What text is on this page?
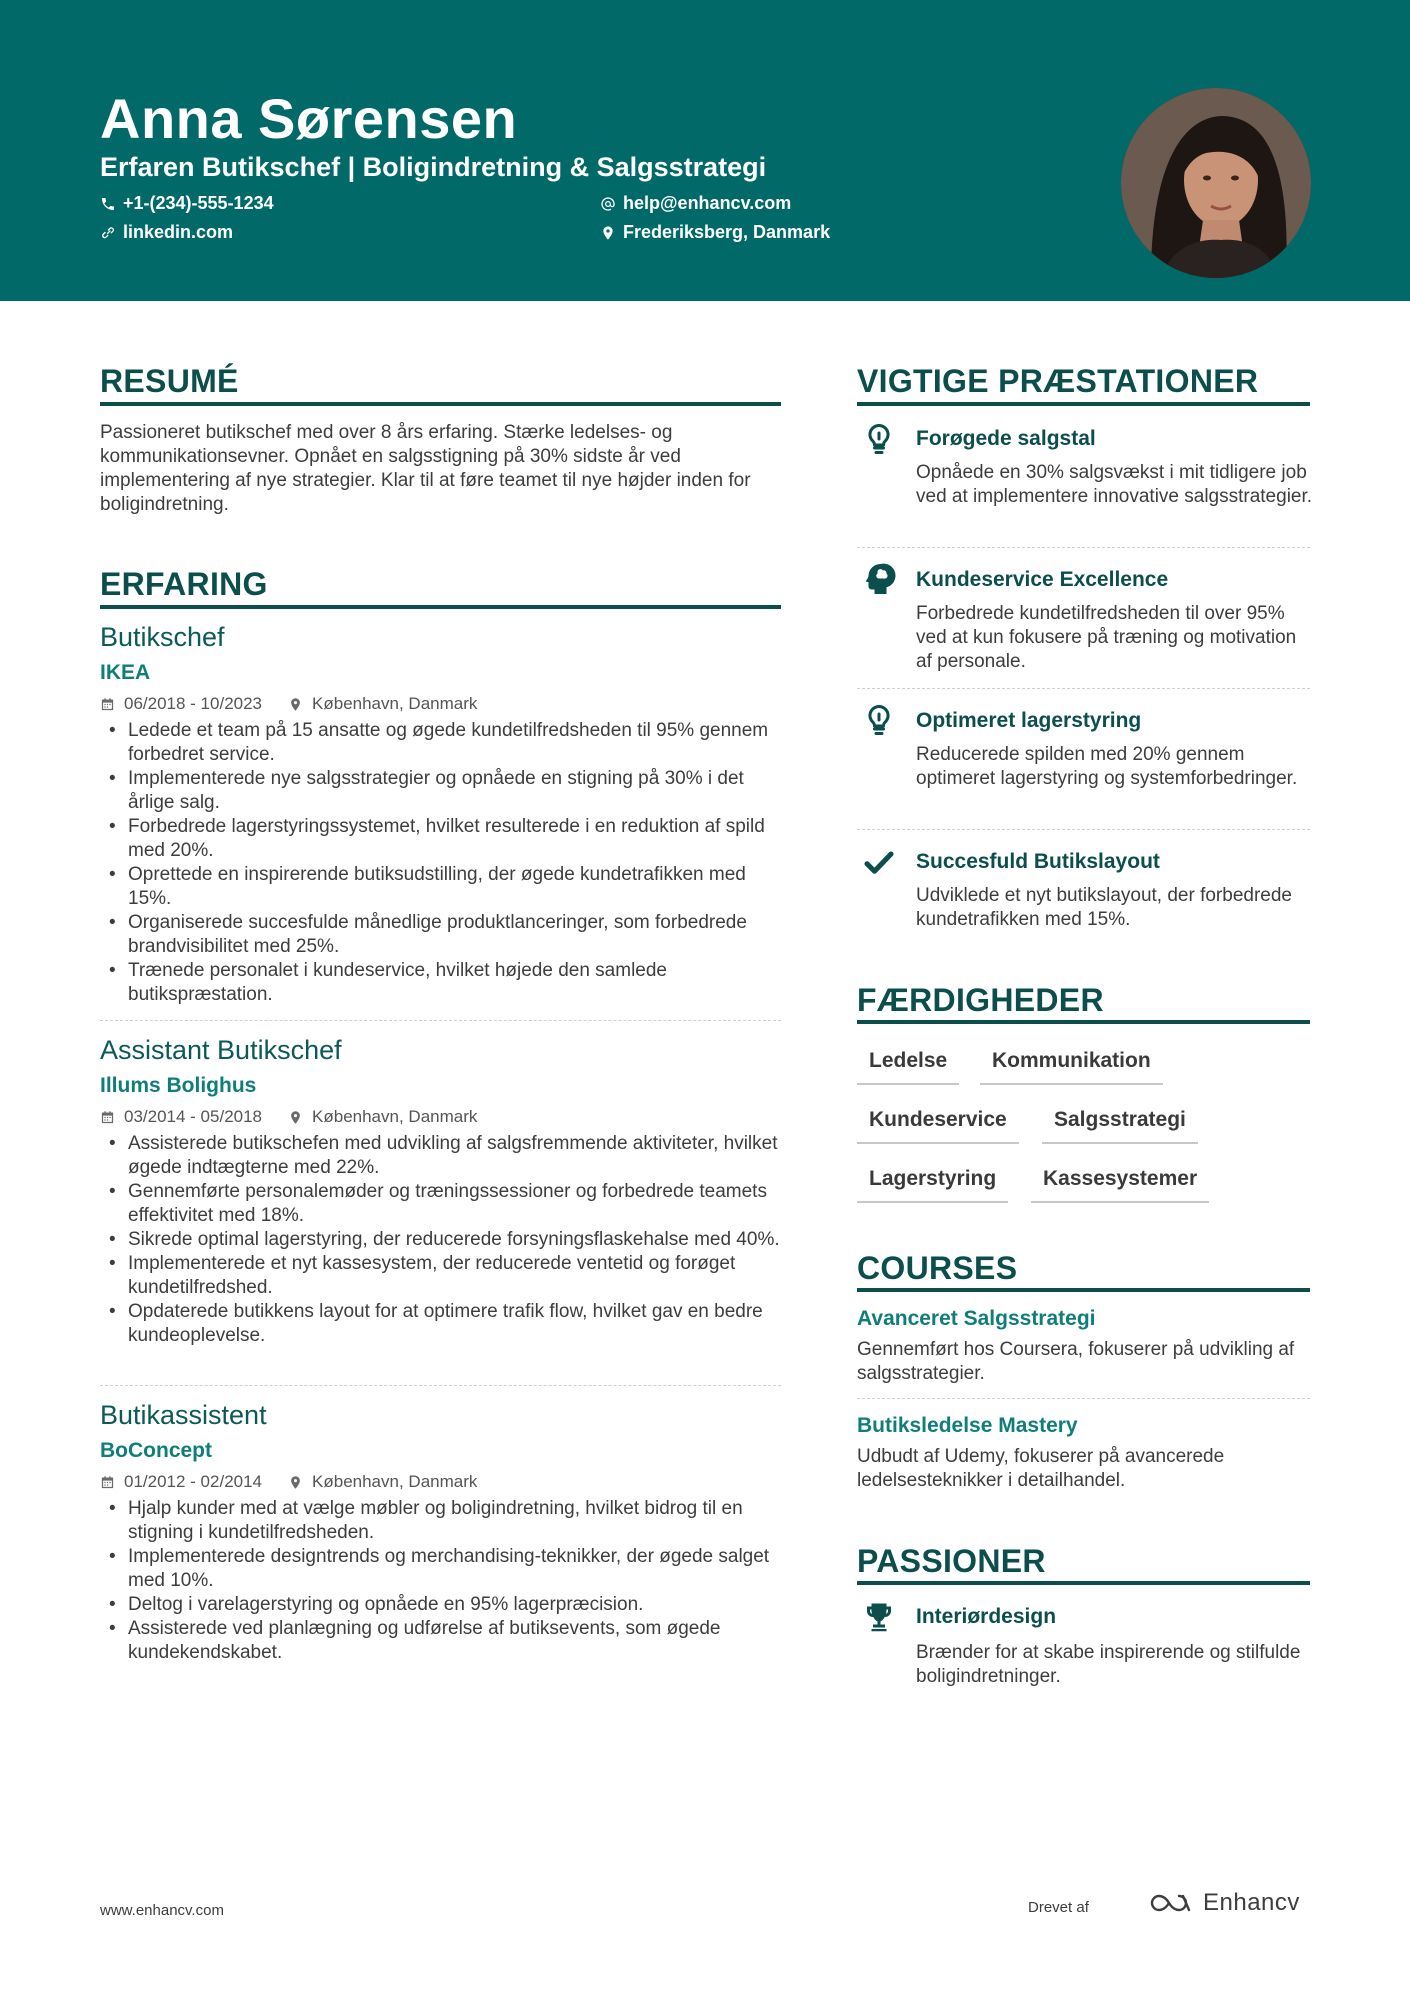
Anna Sørensen
Erfaren Butikschef | Boligindretning & Salgsstrategi
+1-(234)-555-1234	help@enhancv.com
linkedin.com	Frederiksberg, Danmark
RESUMÉ
Passioneret butikschef med over 8 års erfaring. Stærke ledelses- og kommunikationsevner. Opnået en salgsstigning på 30% sidste år ved implementering af nye strategier. Klar til at føre teamet til nye højder inden for boligindretning.
ERFARING
Butikschef
IKEA
06/2018 - 10/2023	København, Danmark
• Ledede et team på 15 ansatte og øgede kundetilfredsheden til 95% gennem forbedret service.
• Implementerede nye salgsstrategier og opnåede en stigning på 30% i det årlige salg.
• Forbedrede lagerstyringssystemet, hvilket resulterede i en reduktion af spild med 20%.
• Oprettede en inspirerende butiksudstilling, der øgede kundetrafikken med 15%.
• Organiserede succesfulde månedlige produktlanceringer, som forbedrede brandvisibilitet med 25%.
• Trænede personalet i kundeservice, hvilket højede den samlede butikspræstation.
Assistant Butikschef
Illums Bolighus
03/2014 - 05/2018	København, Danmark
• Assisterede butikschefen med udvikling af salgsfremmende aktiviteter, hvilket øgede indtægterne med 22%.
• Gennemførte personalemøder og træningssessioner og forbedrede teamets effektivitet med 18%.
• Sikrede optimal lagerstyring, der reducerede forsyningsflaskehalse med 40%.
• Implementerede et nyt kassesystem, der reducerede ventetid og forøget kundetilfredshed.
• Opdaterede butikkens layout for at optimere trafik flow, hvilket gav en bedre kundeoplevelse.
Butikassistent
BoConcept
01/2012 - 02/2014	København, Danmark
• Hjalp kunder med at vælge møbler og boligindretning, hvilket bidrog til en stigning i kundetilfredsheden.
• Implementerede designtrends og merchandising-teknikker, der øgede salget med 10%.
• Deltog i varelagerstyring og opnåede en 95% lagerpræcision.
• Assisterede ved planlægning og udførelse af butiksevents, som øgede kundekendskabet.
VIGTIGE PRÆSTATIONER
Forøgede salgstal
Opnåede en 30% salgsvækst i mit tidligere job ved at implementere innovative salgsstrategier.
Kundeservice Excellence
Forbedrede kundetilfredsheden til over 95% ved at kun fokusere på træning og motivation af personale.
Optimeret lagerstyring
Reducerede spilden med 20% gennem optimeret lagerstyring og systemforbedringer.
Succesfuld Butikslayout
Udviklede et nyt butikslayout, der forbedrede kundetrafikken med 15%.
FÆRDIGHEDER
Ledelse	Kommunikation
Kundeservice	Salgsstrategi
Lagerstyring	Kassesystemer
COURSES
Avanceret Salgsstrategi
Gennemført hos Coursera, fokuserer på udvikling af salgsstrategier.
Butiksledelse Mastery
Udbudt af Udemy, fokuserer på avancerede ledelsesteknikker i detailhandel.
PASSIONER
Interiørdesign
Brænder for at skabe inspirerende og stilfulde boligindretninger.
www.enhancv.com	Drevet af	Enhancv
